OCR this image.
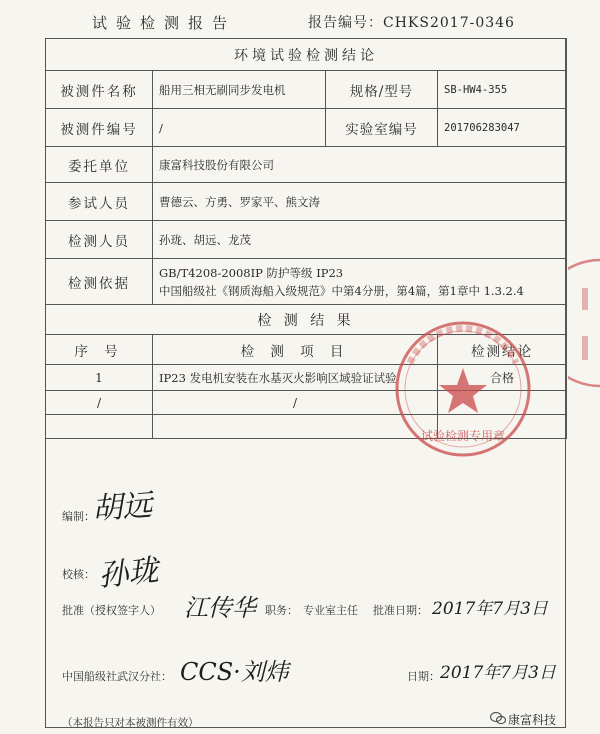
试验检测报告	报告编号：CHKS2017-0346
环境试验检测结论			
被测件名称	船用三相无刷同步发电机	规格/型号	SB-HW4-355
被测件编号	/	实验室编号	201706283047
委托单位	康富科技股份有限公司		
参试人员	曹德云、方勇、罗家平、熊文涛		
检测人员	孙珑、胡远、龙茂		
检测依据	GB/T4208-2008IP 防护等级 IP23
中国船级社《钢质海船入级规范》中第4分册，第4篇，第1章中 1.3.2.4		

检 测 结 果			
序 号	检 测 项 目		检测结论
1	IP23 发电机安装在水基灭火影响区域验证试验		合格
/	/		

编制：
胡远
校核： 孙珑
批准（授权签字人） 江传华 职务： 专业室主任 批准日期： 2017年7月3日
中国船级社武汉分社： CCS·刘炜	日期： 2017年7月3日
（本报告只对本被测件有效）
试验检测专用章
康富科技
